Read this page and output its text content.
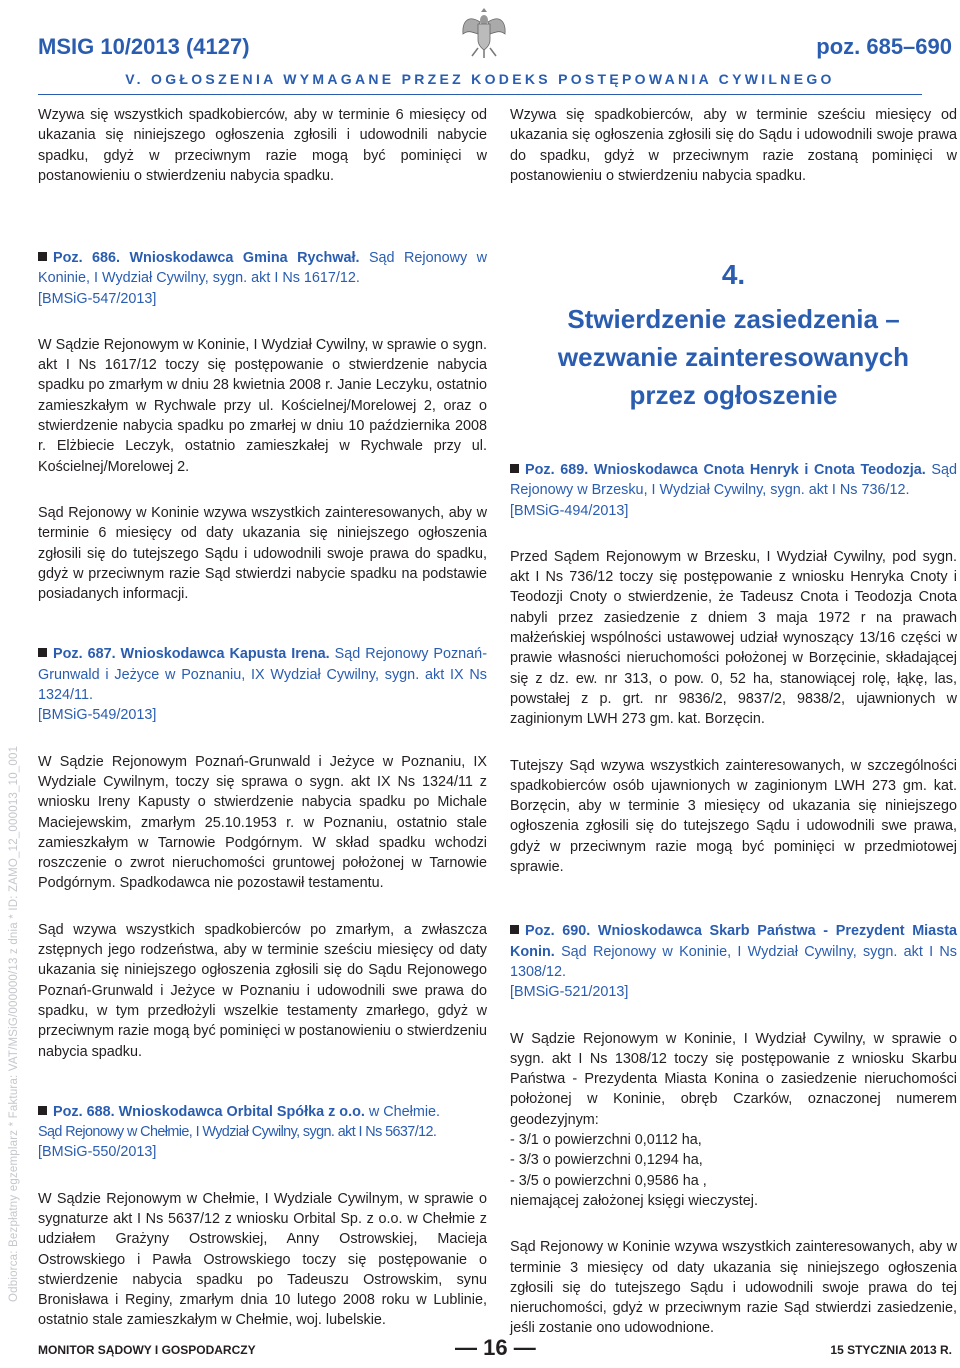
MSIG 10/2013 (4127)	poz. 685–690
V. OGŁOSZENIA WYMAGANE PRZEZ KODEKS POSTĘPOWANIA CYWILNEGO
Odbiorca: Bezpłatny egzemplarz * Faktura: VAT/MSiG/000000/13 z dnia * ID: ZAMO_12_000013_10_001

Wzywa się wszystkich spadkobierców, aby w terminie 6 miesięcy od ukazania się niniejszego ogłoszenia zgłosili i udowodnili nabycie spadku, gdyż w przeciwnym razie mogą być pominięci w postanowieniu o stwierdzeniu nabycia spadku.

Wzywa się spadkobierców, aby w terminie sześciu miesięcy od ukazania się ogłoszenia zgłosili się do Sądu i udowodnili swoje prawa do spadku, gdyż w przeciwnym razie zostaną pominięci w postanowieniu o stwierdzeniu nabycia spadku.

Poz. 686. Wnioskodawca Gmina Rychwał. Sąd Rejonowy w Koninie, I Wydział Cywilny, sygn. akt I Ns 1617/12.

[BMSiG-547/2013]

W Sądzie Rejonowym w Koninie, I Wydział Cywilny, w sprawie o sygn. akt I Ns 1617/12 toczy się postępowanie o stwierdzenie nabycia spadku po zmarłym w dniu 28 kwietnia 2008 r. Janie Leczyku, ostatnio zamieszkałym w Rychwale przy ul. Kościelnej/Morelowej 2, oraz o stwierdzenie nabycia spadku po zmarłej w dniu 10 października 2008 r. Elżbiecie Leczyk, ostatnio zamieszkałej w Rychwale przy ul. Kościelnej/Morelowej 2.

Sąd Rejonowy w Koninie wzywa wszystkich zainteresowanych, aby w terminie 6 miesięcy od daty ukazania się niniejszego ogłoszenia zgłosili się do tutejszego Sądu i udowodnili swoje prawa do spadku, gdyż w przeciwnym razie Sąd stwierdzi nabycie spadku na podstawie posiadanych informacji.

Poz. 687. Wnioskodawca Kapusta Irena. Sąd Rejonowy Poznań-Grunwald i Jeżyce w Poznaniu, IX Wydział Cywilny, sygn. akt IX Ns 1324/11.

[BMSiG-549/2013]

W Sądzie Rejonowym Poznań-Grunwald i Jeżyce w Poznaniu, IX Wydziale Cywilnym, toczy się sprawa o sygn. akt IX Ns 1324/11 z wniosku Ireny Kapusty o stwierdzenie nabycia spadku po Michale Maciejewskim, zmarłym 25.10.1953 r. w Poznaniu, ostatnio stale zamieszkałym w Tarnowie Podgórnym. W skład spadku wchodzi roszczenie o zwrot nieruchomości gruntowej położonej w Tarnowie Podgórnym. Spadkodawca nie pozostawił testamentu.

Sąd wzywa wszystkich spadkobierców po zmarłym, a zwłaszcza zstępnych jego rodzeństwa, aby w terminie sześciu miesięcy od daty ukazania się niniejszego ogłoszenia zgłosili się do Sądu Rejonowego Poznań-Grunwald i Jeżyce w Poznaniu i udowodnili swe prawa do spadku, w tym przedłożyli wszelkie testamenty zmarłego, gdyż w przeciwnym razie mogą być pominięci w postanowieniu o stwierdzeniu nabycia spadku.

Poz. 688. Wnioskodawca Orbital Spółka z o.o. w Chełmie.

Sąd Rejonowy w Chełmie, I Wydział Cywilny, sygn. akt I Ns 5637/12.

[BMSiG-550/2013]

W Sądzie Rejonowym w Chełmie, I Wydziale Cywilnym, w sprawie o sygnaturze akt I Ns 5637/12 z wniosku Orbital Sp. z o.o. w Chełmie z udziałem Grażyny Ostrowskiej, Anny Ostrowskiej, Macieja Ostrowskiego i Pawła Ostrowskiego toczy się postępowanie o stwierdzenie nabycia spadku po Tadeuszu Ostrowskim, synu Bronisława i Reginy, zmarłym dnia 10 lutego 2008 roku w Lublinie, ostatnio stale zamieszkałym w Chełmie, woj. lubelskie.

4.
Stwierdzenie zasiedzenia –
wezwanie zainteresowanych
przez ogłoszenie

Poz. 689. Wnioskodawca Cnota Henryk i Cnota Teodozja. Sąd Rejonowy w Brzesku, I Wydział Cywilny, sygn. akt I Ns 736/12.

[BMSiG-494/2013]

Przed Sądem Rejonowym w Brzesku, I Wydział Cywilny, pod sygn. akt I Ns 736/12 toczy się postępowanie z wniosku Henryka Cnoty i Teodozji Cnoty o stwierdzenie, że Tadeusz Cnota i Teodozja Cnota nabyli przez zasiedzenie z dniem 3 maja 1972 r na prawach małżeńskiej wspólności ustawowej udział wynoszący 13/16 części w prawie własności nieruchomości położonej w Borzęcinie, składającej się z dz. ew. nr 313, o pow. 0, 52 ha, stanowiącej rolę, łąkę, las, powstałej z p. grt. nr 9836/2, 9837/2, 9838/2, ujawnionych w zaginionym LWH 273 gm. kat. Borzęcin.

Tutejszy Sąd wzywa wszystkich zainteresowanych, w szczególności spadkobierców osób ujawnionych w zaginionym LWH 273 gm. kat. Borzęcin, aby w terminie 3 miesięcy od ukazania się niniejszego ogłoszenia zgłosili się do tutejszego Sądu i udowodnili swe prawa, gdyż w przeciwnym razie mogą być pominięci w przedmiotowej sprawie.

Poz. 690. Wnioskodawca Skarb Państwa - Prezydent Miasta Konin. Sąd Rejonowy w Koninie, I Wydział Cywilny, sygn. akt I Ns 1308/12.

[BMSiG-521/2013]

W Sądzie Rejonowym w Koninie, I Wydział Cywilny, w sprawie o sygn. akt I Ns 1308/12 toczy się postępowanie z wniosku Skarbu Państwa - Prezydenta Miasta Konina o zasiedzenie nieruchomości położonej w Koninie, obręb Czarków, oznaczonej numerem geodezyjnym:

- 3/1 o powierzchni 0,0112 ha,

- 3/3 o powierzchni 0,1294 ha,

- 3/5 o powierzchni 0,9586 ha ,

niemającej założonej księgi wieczystej.

Sąd Rejonowy w Koninie wzywa wszystkich zainteresowanych, aby w terminie 3 miesięcy od daty ukazania się niniejszego ogłoszenia zgłosili się do tutejszego Sądu i udowodnili swoje prawa do tej nieruchomości, gdyż w przeciwnym razie Sąd stwierdzi zasiedzenie, jeśli zostanie ono udowodnione.

MONITOR SĄDOWY I GOSPODARCZY	— 16 —	15 STYCZNIA 2013 R.
